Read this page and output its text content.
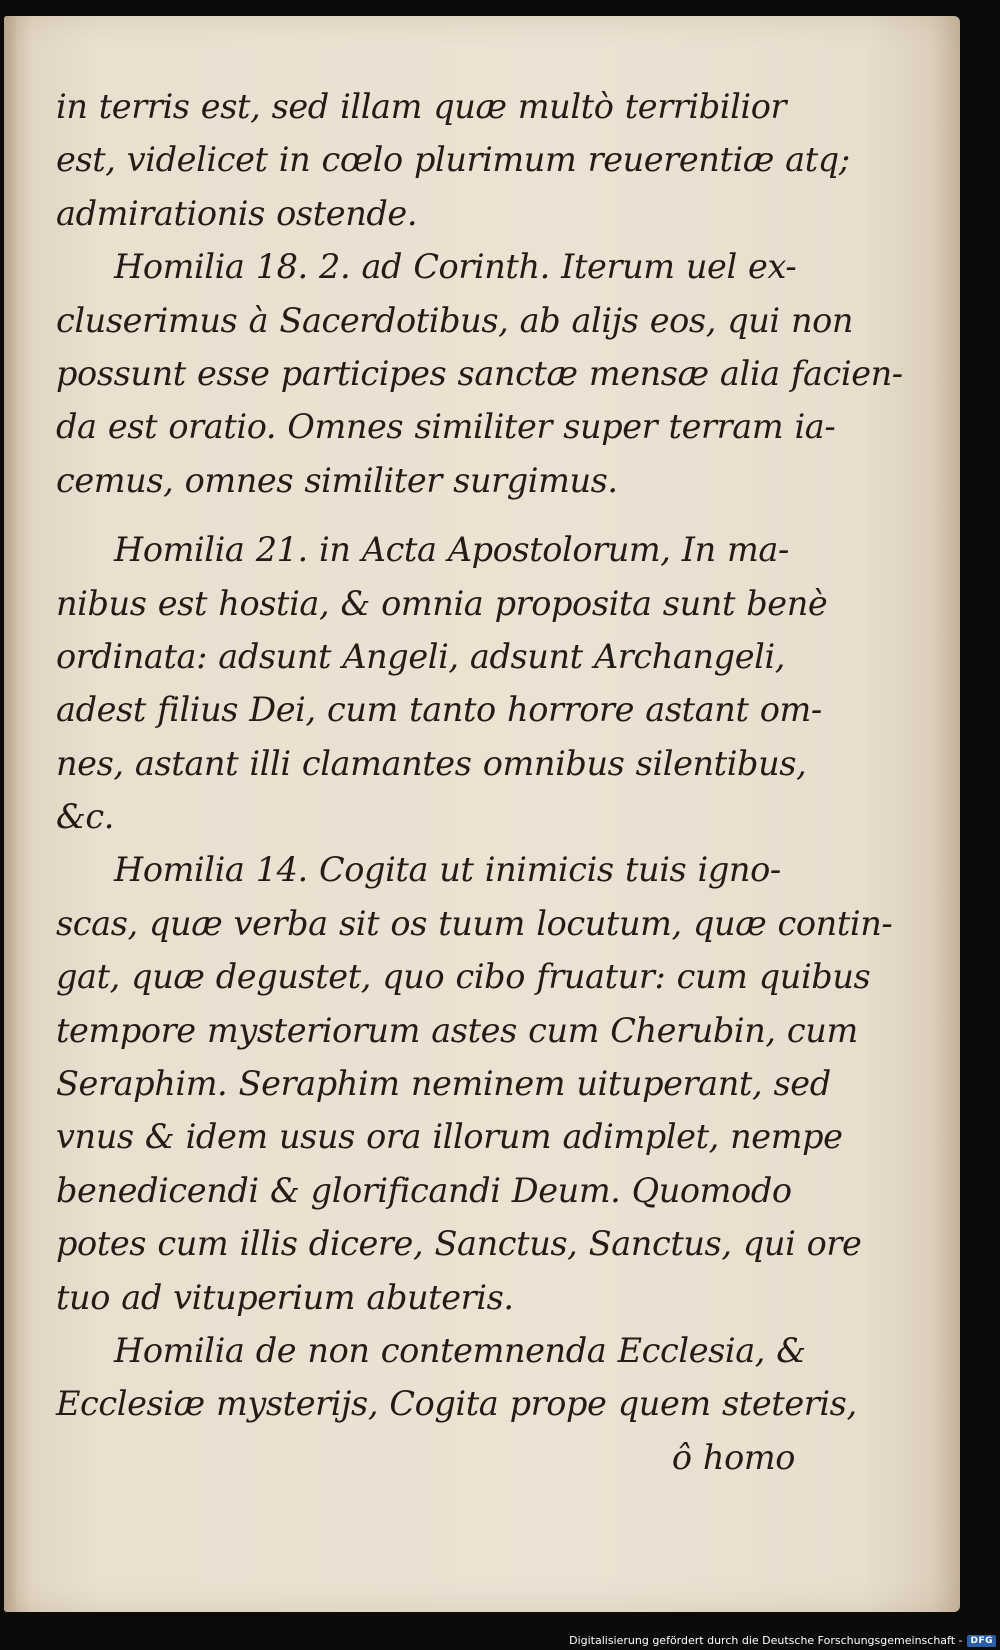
in terris est, sed illam quæ multò terribilior
est, videlicet in cœlo plurimum reuerentiæ atq;
admirationis ostende.
Homilia 18. 2. ad Corinth. Iterum uel ex-
cluserimus à Sacerdotibus, ab alijs eos, qui non
possunt esse participes sanctæ mensæ alia facien-
da est oratio. Omnes similiter super terram ia-
cemus, omnes similiter surgimus.
Homilia 21. in Acta Apostolorum, In ma-
nibus est hostia, & omnia proposita sunt benè
ordinata: adsunt Angeli, adsunt Archangeli,
adest filius Dei, cum tanto horrore astant om-
nes, astant illi clamantes omnibus silentibus,
&c.
Homilia 14. Cogita ut inimicis tuis igno-
scas, quæ verba sit os tuum locutum, quæ contin-
gat, quæ degustet, quo cibo fruatur: cum quibus
tempore mysteriorum astes cum Cherubin, cum
Seraphim. Seraphim neminem uituperant, sed
vnus & idem usus ora illorum adimplet, nempe
benedicendi & glorificandi Deum. Quomodo
potes cum illis dicere, Sanctus, Sanctus, qui ore
tuo ad vituperium abuteris.
Homilia de non contemnenda Ecclesia, &
Ecclesiæ mysterijs, Cogita prope quem steteris,
ô homo
Digitalisierung gefördert durch die Deutsche Forschungsgemeinschaft - DFG
